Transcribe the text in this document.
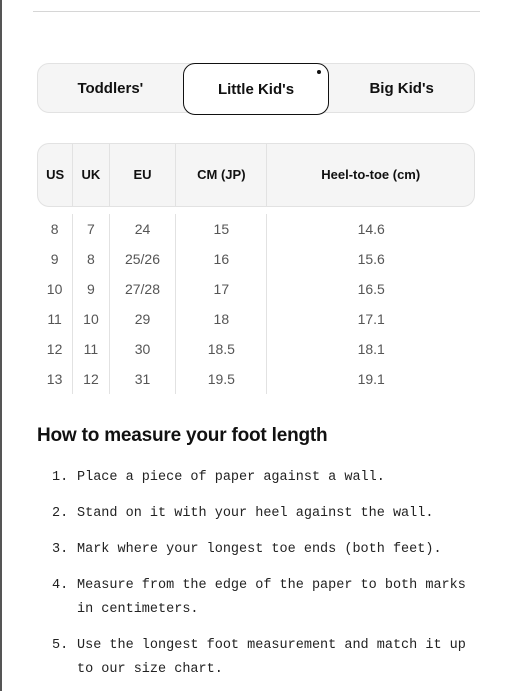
Toddlers'	Little Kid's	Big Kid's
US	UK	EU	CM (JP)	Heel-to-toe (cm)

8	7	24	15	14.6
9	8	25/26	16	15.6
10	9	27/28	17	16.5
11	10	29	18	17.1
12	11	30	18.5	18.1
13	12	31	19.5	19.1
How to measure your foot length
1. Place a piece of paper against a wall.
2. Stand on it with your heel against the wall.
3. Mark where your longest toe ends (both feet).
4. Measure from the edge of the paper to both marks in centimeters.
5. Use the longest foot measurement and match it up to our size chart.
